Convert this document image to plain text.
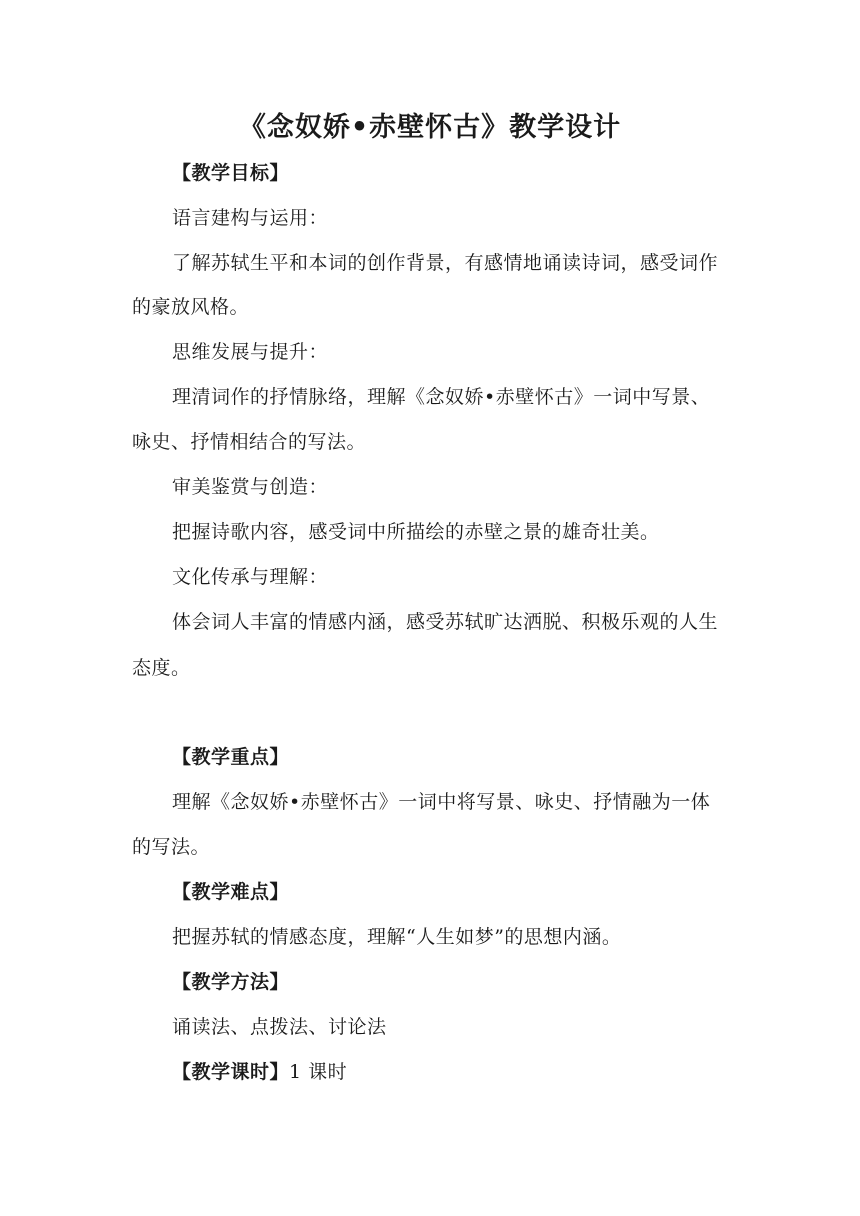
《念奴娇•赤壁怀古》教学设计

【教学目标】

语言建构与运用：

了解苏轼生平和本词的创作背景，有感情地诵读诗词，感受词作

的豪放风格。

思维发展与提升：

理清词作的抒情脉络，理解《念奴娇•赤壁怀古》一词中写景、

咏史、抒情相结合的写法。

审美鉴赏与创造：

把握诗歌内容，感受词中所描绘的赤壁之景的雄奇壮美。

文化传承与理解：

体会词人丰富的情感内涵，感受苏轼旷达洒脱、积极乐观的人生

态度。

【教学重点】

理解《念奴娇•赤壁怀古》一词中将写景、咏史、抒情融为一体

的写法。

【教学难点】

把握苏轼的情感态度，理解“人生如梦”的思想内涵。

【教学方法】

诵读法、点拨法、讨论法

【教学课时】1 课时
